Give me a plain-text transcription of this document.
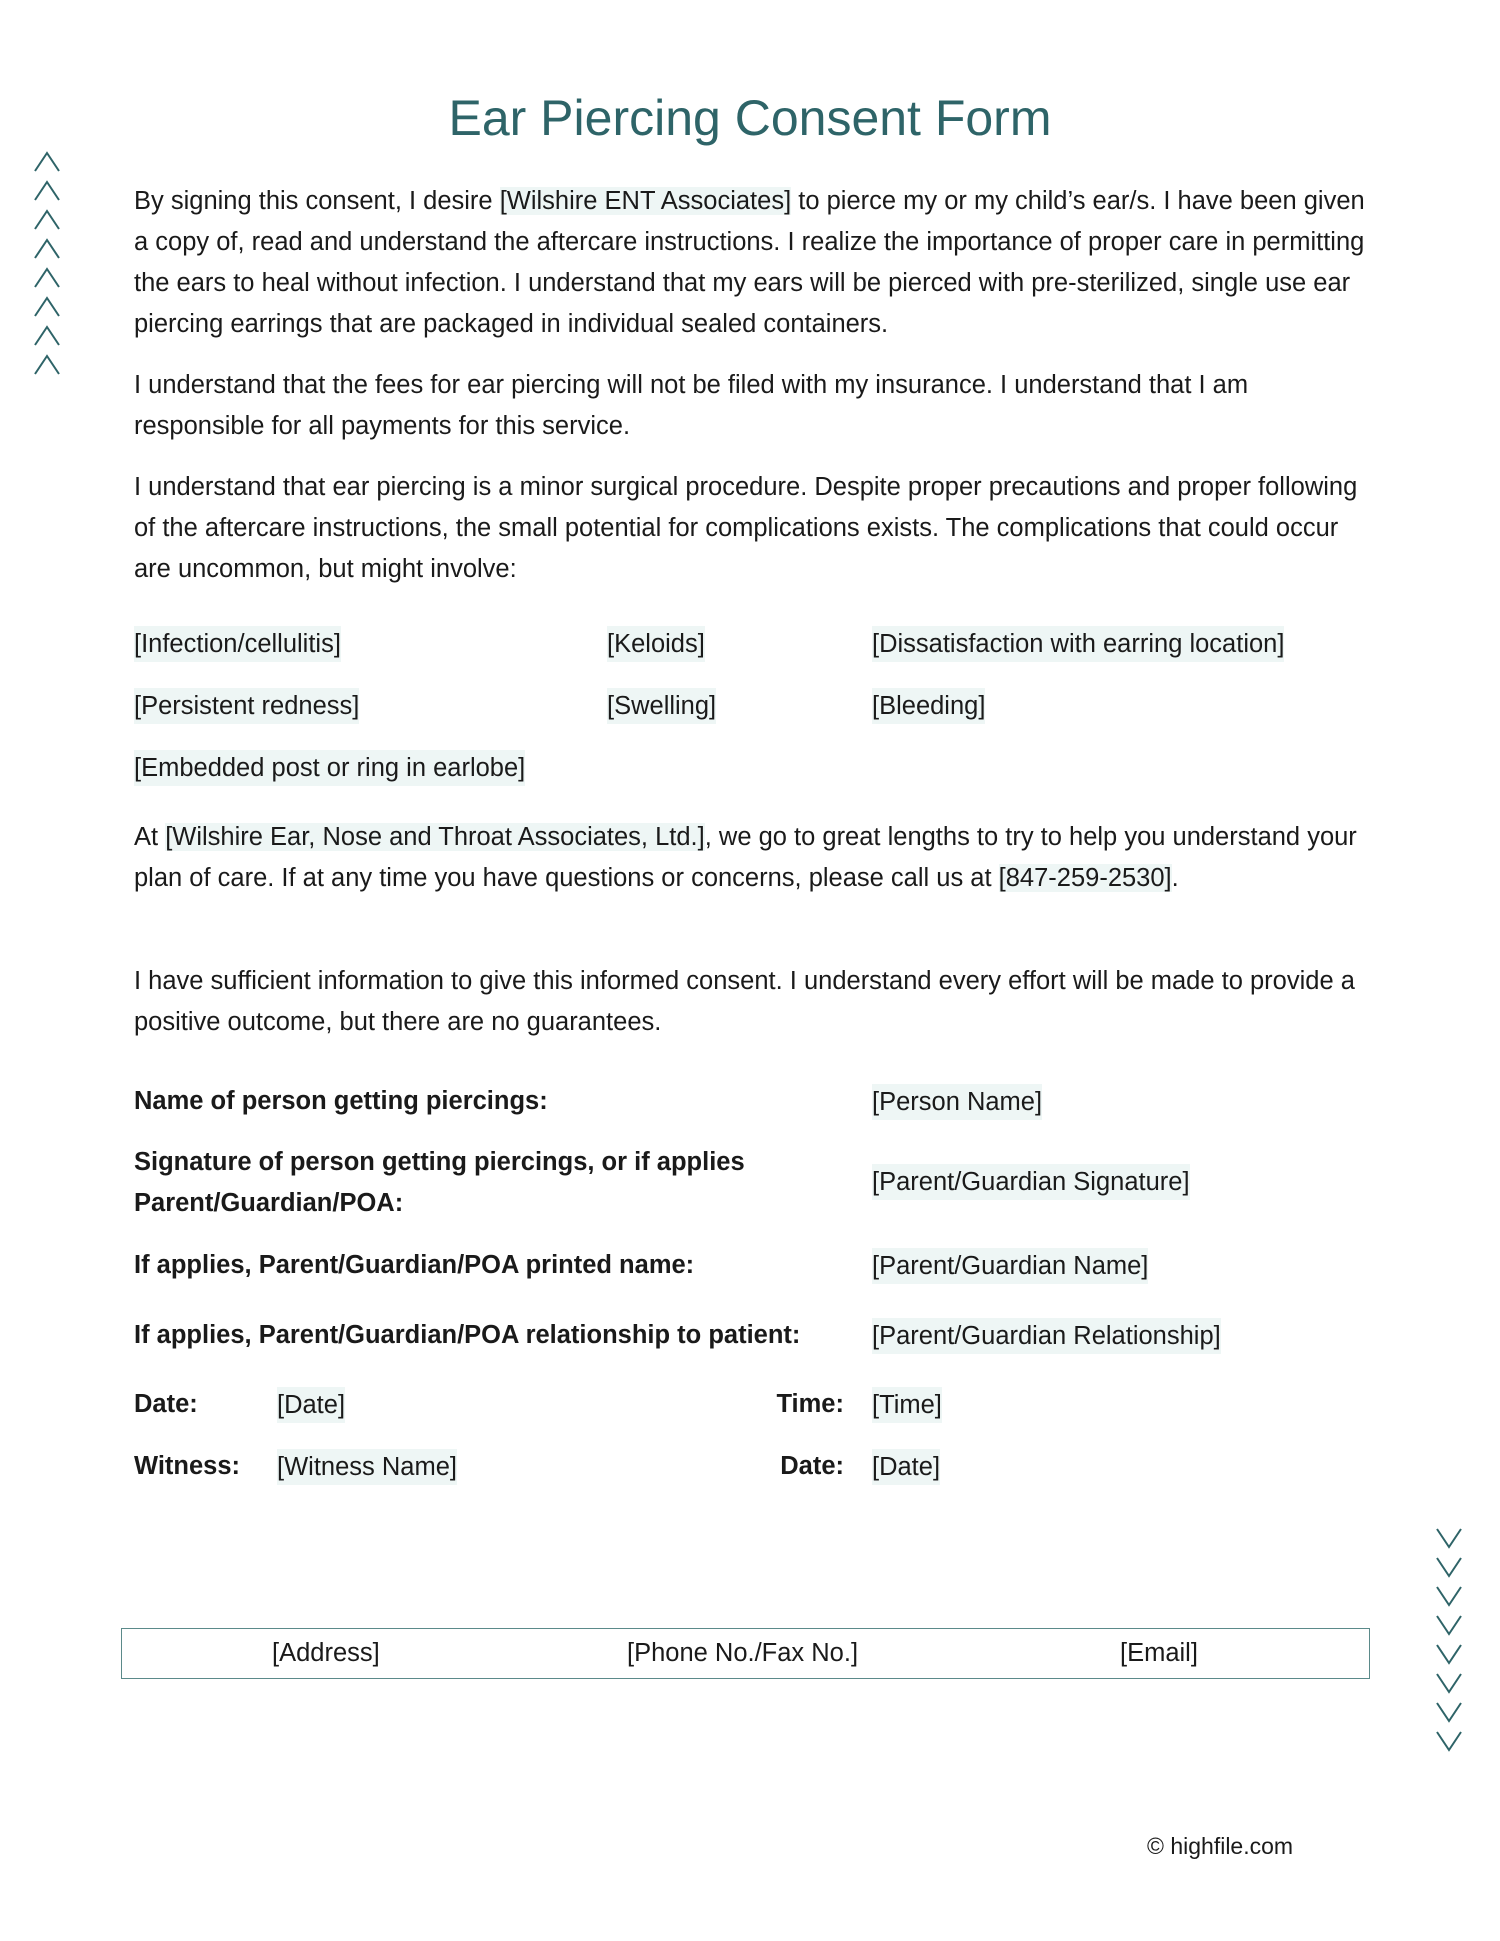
Ear Piercing Consent Form

By signing this consent, I desire [Wilshire ENT Associates] to pierce my or my child’s ear/s. I have been given a copy of, read and understand the aftercare instructions. I realize the importance of proper care in permitting the ears to heal without infection. I understand that my ears will be pierced with pre-sterilized, single use ear piercing earrings that are packaged in individual sealed containers.

I understand that the fees for ear piercing will not be filed with my insurance. I understand that I am responsible for all payments for this service.

I understand that ear piercing is a minor surgical procedure. Despite proper precautions and proper following of the aftercare instructions, the small potential for complications exists. The complications that could occur are uncommon, but might involve:

[Infection/cellulitis]	[Keloids]	[Dissatisfaction with earring location]
[Persistent redness]	[Swelling]	[Bleeding]
[Embedded post or ring in earlobe]

At [Wilshire Ear, Nose and Throat Associates, Ltd.], we go to great lengths to try to help you understand your plan of care. If at any time you have questions or concerns, please call us at [847-259-2530].

I have sufficient information to give this informed consent. I understand every effort will be made to provide a positive outcome, but there are no guarantees.

Name of person getting piercings:	[Person Name]
Signature of person getting piercings, or if applies
Parent/Guardian/POA:
[Parent/Guardian Signature]
If applies, Parent/Guardian/POA printed name:	[Parent/Guardian Name]
If applies, Parent/Guardian/POA relationship to patient:	[Parent/Guardian Relationship]
Date:	[Date]	Time: [Time]
Witness: [Witness Name]	Date: [Date]
[Address]	[Phone No./Fax No.]	[Email]
© highfile.com
